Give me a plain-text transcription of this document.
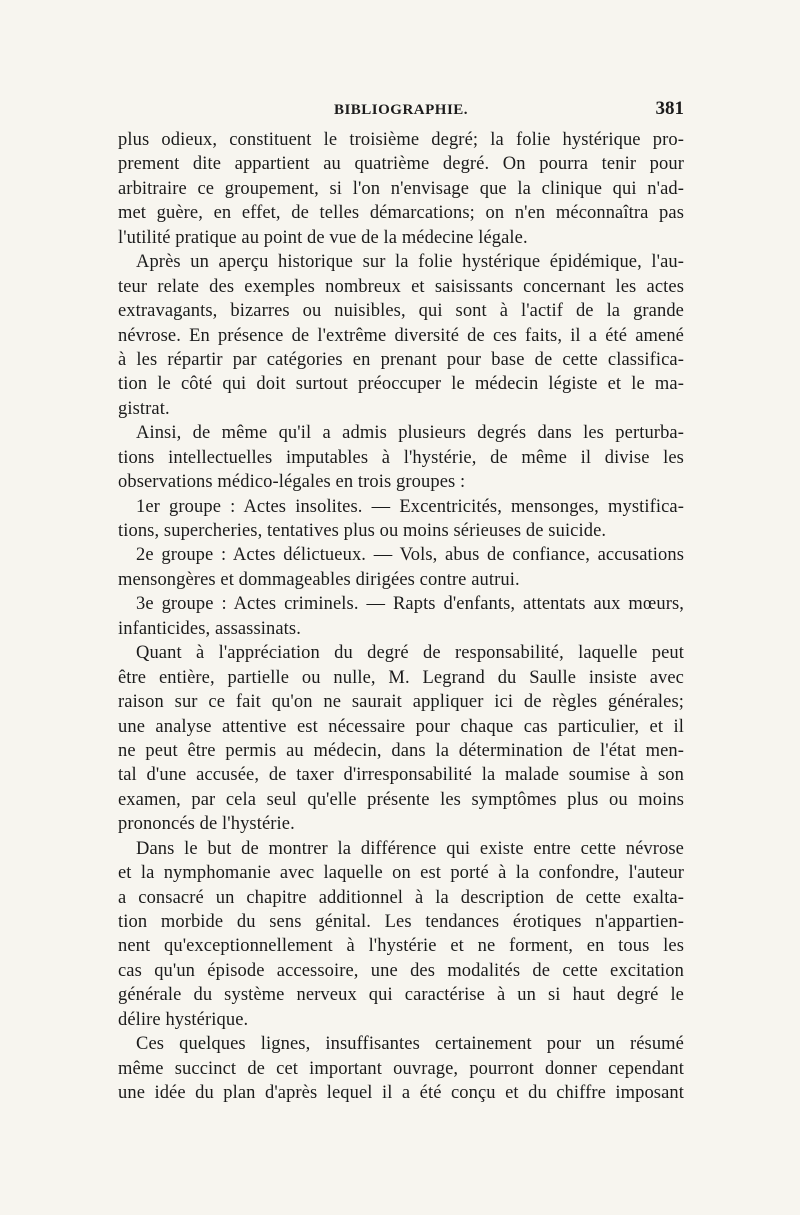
BIBLIOGRAPHIE.	381
plus odieux, constituent le troisième degré; la folie hystérique pro-
prement dite appartient au quatrième degré. On pourra tenir pour
arbitraire ce groupement, si l'on n'envisage que la clinique qui n'ad-
met guère, en effet, de telles démarcations; on n'en méconnaîtra pas
l'utilité pratique au point de vue de la médecine légale.
Après un aperçu historique sur la folie hystérique épidémique, l'au-
teur relate des exemples nombreux et saisissants concernant les actes
extravagants, bizarres ou nuisibles, qui sont à l'actif de la grande
névrose. En présence de l'extrême diversité de ces faits, il a été amené
à les répartir par catégories en prenant pour base de cette classifica-
tion le côté qui doit surtout préoccuper le médecin légiste et le ma-
gistrat.
Ainsi, de même qu'il a admis plusieurs degrés dans les perturba-
tions intellectuelles imputables à l'hystérie, de même il divise les
observations médico-légales en trois groupes :
1er groupe : Actes insolites. — Excentricités, mensonges, mystifica-
tions, supercheries, tentatives plus ou moins sérieuses de suicide.
2e groupe : Actes délictueux. — Vols, abus de confiance, accusations
mensongères et dommageables dirigées contre autrui.
3e groupe : Actes criminels. — Rapts d'enfants, attentats aux mœurs,
infanticides, assassinats.
Quant à l'appréciation du degré de responsabilité, laquelle peut
être entière, partielle ou nulle, M. Legrand du Saulle insiste avec
raison sur ce fait qu'on ne saurait appliquer ici de règles générales;
une analyse attentive est nécessaire pour chaque cas particulier, et il
ne peut être permis au médecin, dans la détermination de l'état men-
tal d'une accusée, de taxer d'irresponsabilité la malade soumise à son
examen, par cela seul qu'elle présente les symptômes plus ou moins
prononcés de l'hystérie.
Dans le but de montrer la différence qui existe entre cette névrose
et la nymphomanie avec laquelle on est porté à la confondre, l'auteur
a consacré un chapitre additionnel à la description de cette exalta-
tion morbide du sens génital. Les tendances érotiques n'appartien-
nent qu'exceptionnellement à l'hystérie et ne forment, en tous les
cas qu'un épisode accessoire, une des modalités de cette excitation
générale du système nerveux qui caractérise à un si haut degré le
délire hystérique.
Ces quelques lignes, insuffisantes certainement pour un résumé
même succinct de cet important ouvrage, pourront donner cependant
une idée du plan d'après lequel il a été conçu et du chiffre imposant
